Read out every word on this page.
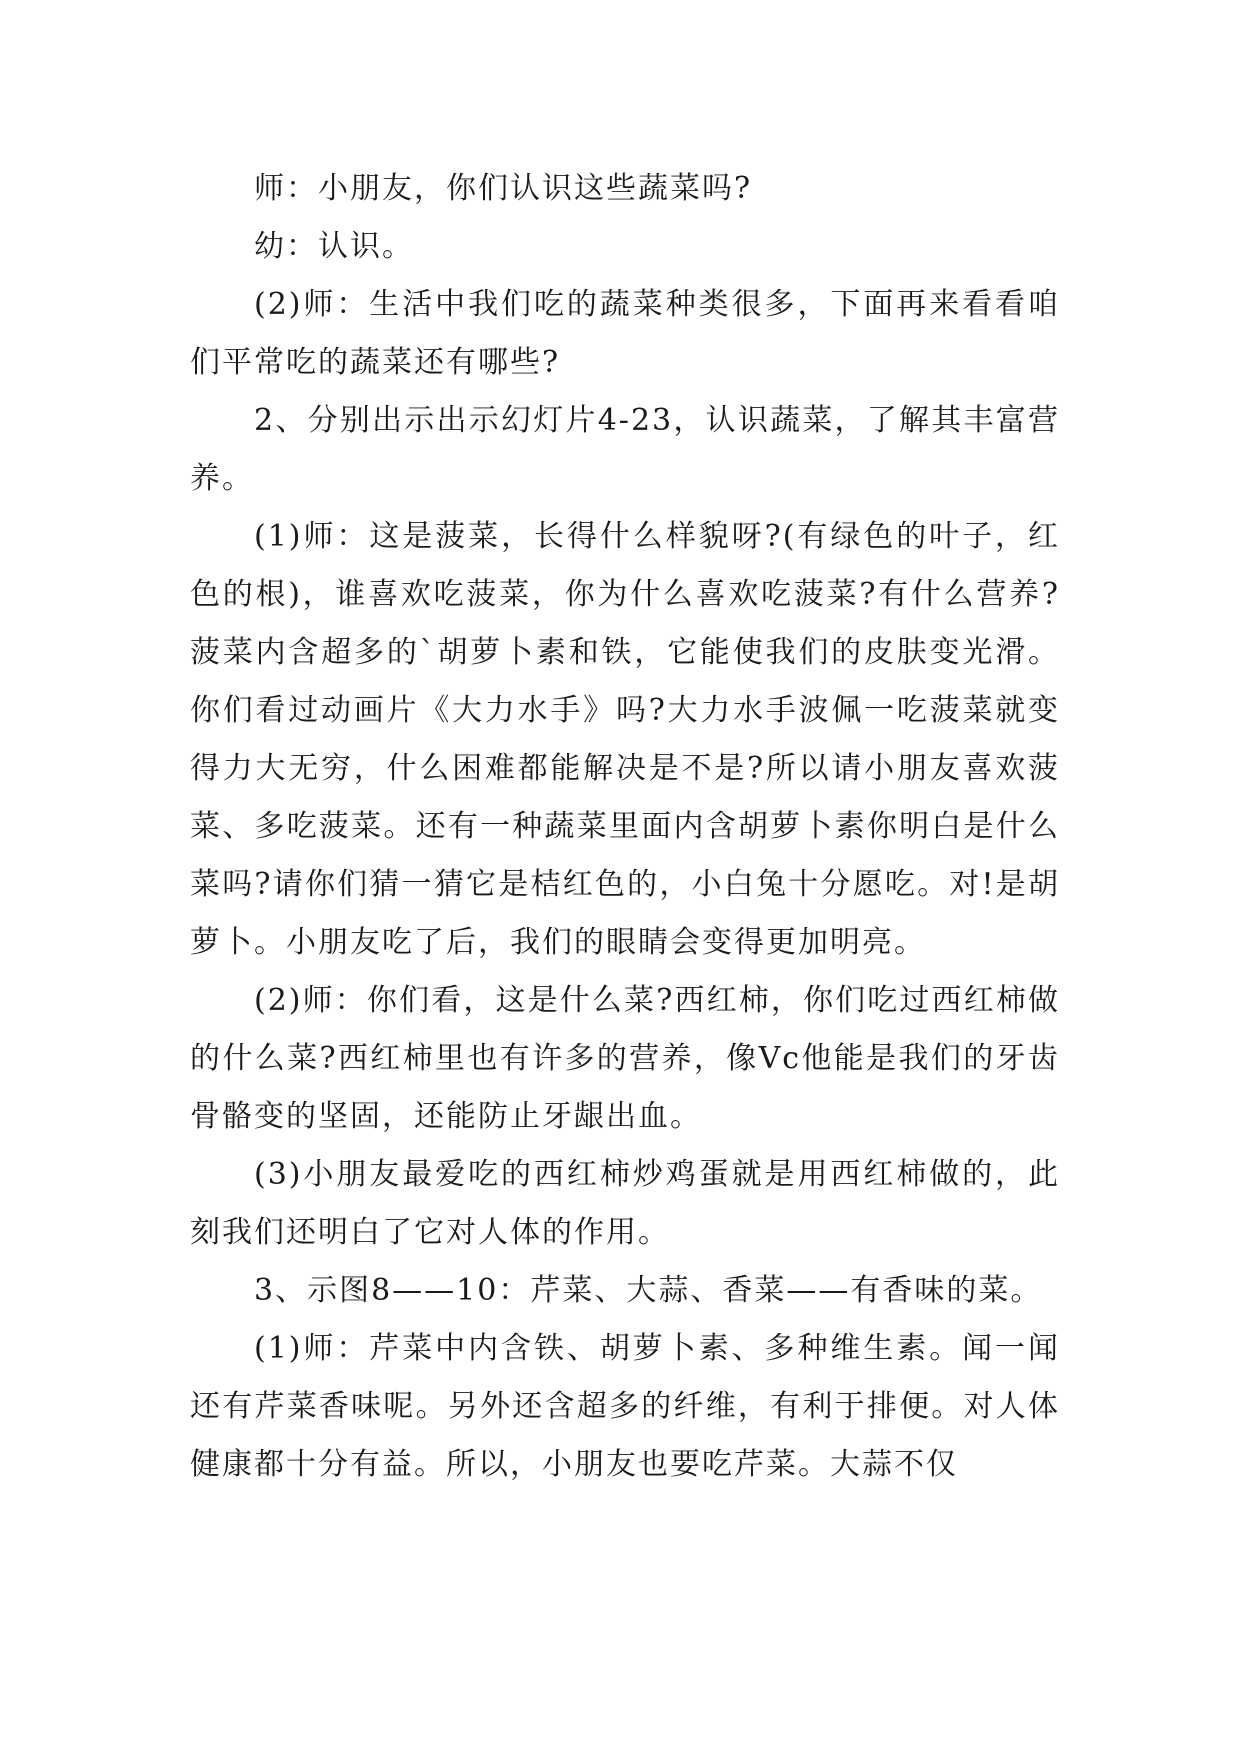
师：小朋友，你们认识这些蔬菜吗?

幼：认识。

(2)师：生活中我们吃的蔬菜种类很多，下面再来看看咱们平常吃的蔬菜还有哪些?

2、分别出示出示幻灯片4-23，认识蔬菜，了解其丰富营养。

(1)师：这是菠菜，长得什么样貌呀?(有绿色的叶子，红色的根)，谁喜欢吃菠菜，你为什么喜欢吃菠菜?有什么营养?菠菜内含超多的`胡萝卜素和铁，它能使我们的皮肤变光滑。你们看过动画片《大力水手》吗?大力水手波佩一吃菠菜就变得力大无穷，什么困难都能解决是不是?所以请小朋友喜欢菠菜、多吃菠菜。还有一种蔬菜里面内含胡萝卜素你明白是什么菜吗?请你们猜一猜它是桔红色的，小白兔十分愿吃。对!是胡萝卜。小朋友吃了后，我们的眼睛会变得更加明亮。

(2)师：你们看，这是什么菜?西红柿，你们吃过西红柿做的什么菜?西红柿里也有许多的营养，像Vc他能是我们的牙齿骨骼变的坚固，还能防止牙龈出血。

(3)小朋友最爱吃的西红柿炒鸡蛋就是用西红柿做的，此刻我们还明白了它对人体的作用。

3、示图8——10：芹菜、大蒜、香菜——有香味的菜。

(1)师：芹菜中内含铁、胡萝卜素、多种维生素。闻一闻还有芹菜香味呢。另外还含超多的纤维，有利于排便。对人体健康都十分有益。所以，小朋友也要吃芹菜。大蒜不仅
